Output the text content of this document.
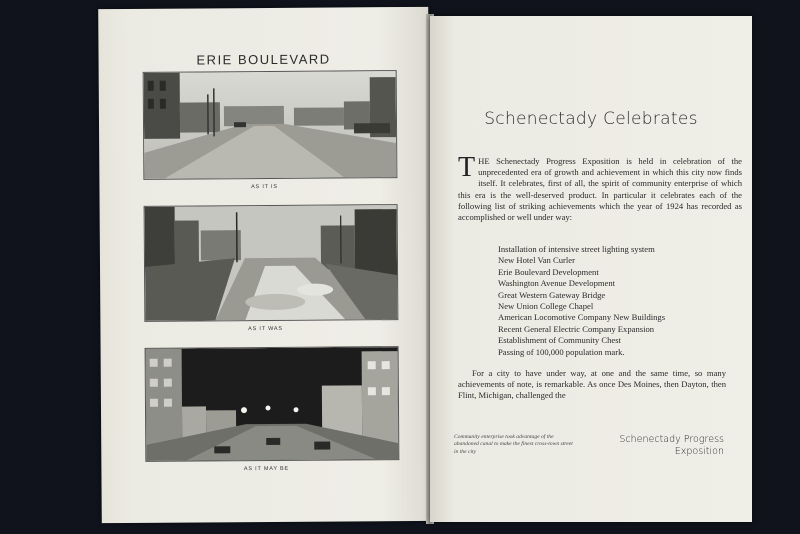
ERIE BOULEVARD
AS IT IS
AS IT WAS
AS IT MAY BE
Schenectady Celebrates
THE Schenectady Progress Exposition is held in celebration of the unprecedented era of growth and achievement in which this city now finds itself. It celebrates, first of all, the spirit of community enterprise of which this era is the well-deserved product. In particular it celebrates each of the following list of striking achievements which the year of 1924 has recorded as accomplished or well under way:
Installation of intensive street lighting system
New Hotel Van Curler
Erie Boulevard Development
Washington Avenue Development
Great Western Gateway Bridge
New Union College Chapel
American Locomotive Company New Buildings
Recent General Electric Company Expansion
Establishment of Community Chest
Passing of 100,000 population mark.
For a city to have under way, at one and the same time, so many achievements of note, is remarkable. As once Des Moines, then Dayton, then Flint, Michigan, challenged the
Community enterprise took advantage of the abandoned canal to make the finest cross-town street in the city
Schenectady Progress
Exposition
